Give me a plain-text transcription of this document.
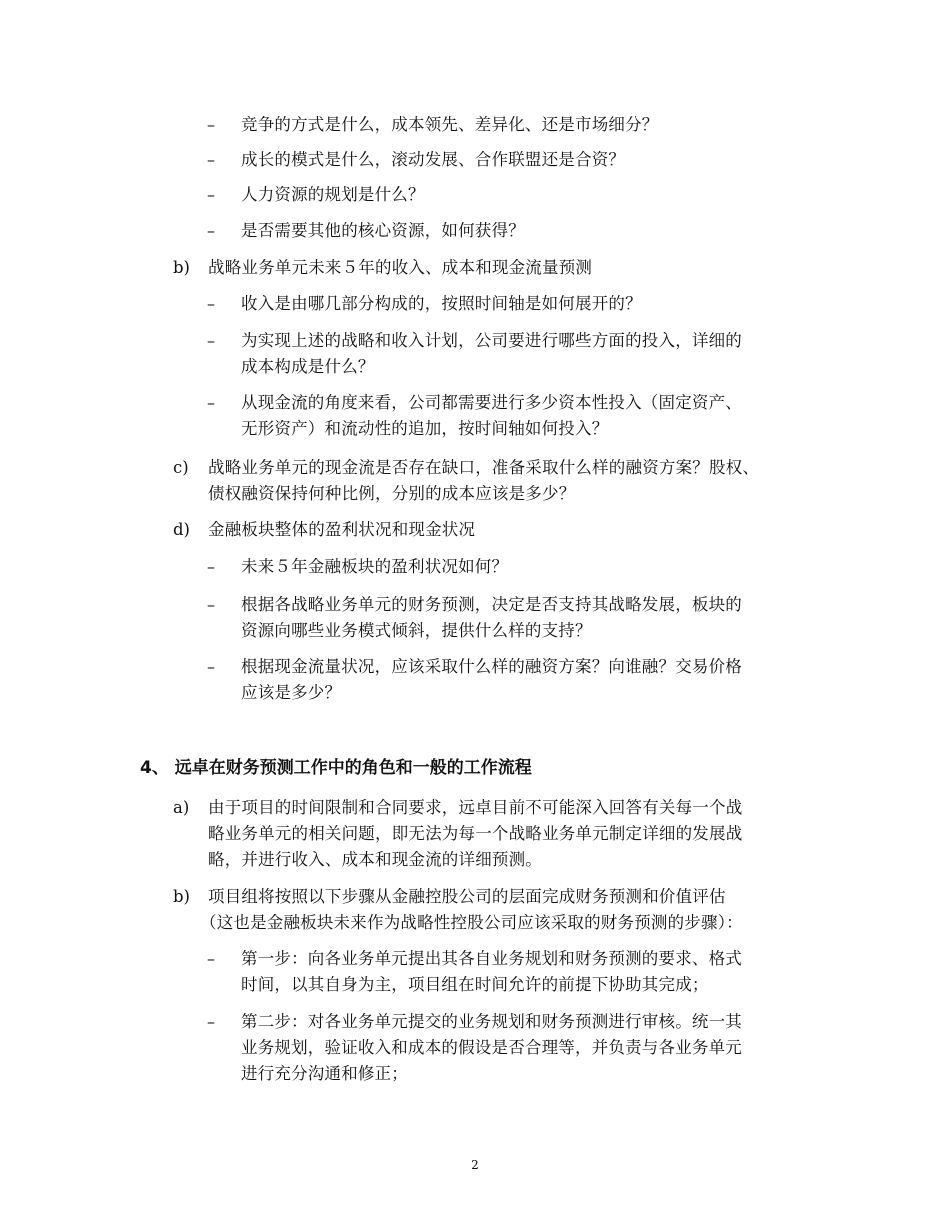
– 竞争的方式是什么，成本领先、差异化、还是市场细分？
– 成长的模式是什么，滚动发展、合作联盟还是合资？
– 人力资源的规划是什么？
– 是否需要其他的核心资源，如何获得？
b) 战略业务单元未来５年的收入、成本和现金流量预测
– 收入是由哪几部分构成的，按照时间轴是如何展开的？
– 为实现上述的战略和收入计划，公司要进行哪些方面的投入，详细的
成本构成是什么？
– 从现金流的角度来看，公司都需要进行多少资本性投入（固定资产、
无形资产）和流动性的追加，按时间轴如何投入？
c) 战略业务单元的现金流是否存在缺口，准备采取什么样的融资方案？股权、
债权融资保持何种比例，分别的成本应该是多少？
d) 金融板块整体的盈利状况和现金状况
– 未来５年金融板块的盈利状况如何？
– 根据各战略业务单元的财务预测，决定是否支持其战略发展，板块的
资源向哪些业务模式倾斜，提供什么样的支持？
– 根据现金流量状况，应该采取什么样的融资方案？向谁融？交易价格
应该是多少？
4、 远卓在财务预测工作中的角色和一般的工作流程
a) 由于项目的时间限制和合同要求，远卓目前不可能深入回答有关每一个战
略业务单元的相关问题，即无法为每一个战略业务单元制定详细的发展战
略，并进行收入、成本和现金流的详细预测。
b) 项目组将按照以下步骤从金融控股公司的层面完成财务预测和价值评估
（这也是金融板块未来作为战略性控股公司应该采取的财务预测的步骤）：
– 第一步：向各业务单元提出其各自业务规划和财务预测的要求、格式
时间，以其自身为主，项目组在时间允许的前提下协助其完成；
– 第二步：对各业务单元提交的业务规划和财务预测进行审核。统一其
业务规划，验证收入和成本的假设是否合理等，并负责与各业务单元
进行充分沟通和修正；
2
